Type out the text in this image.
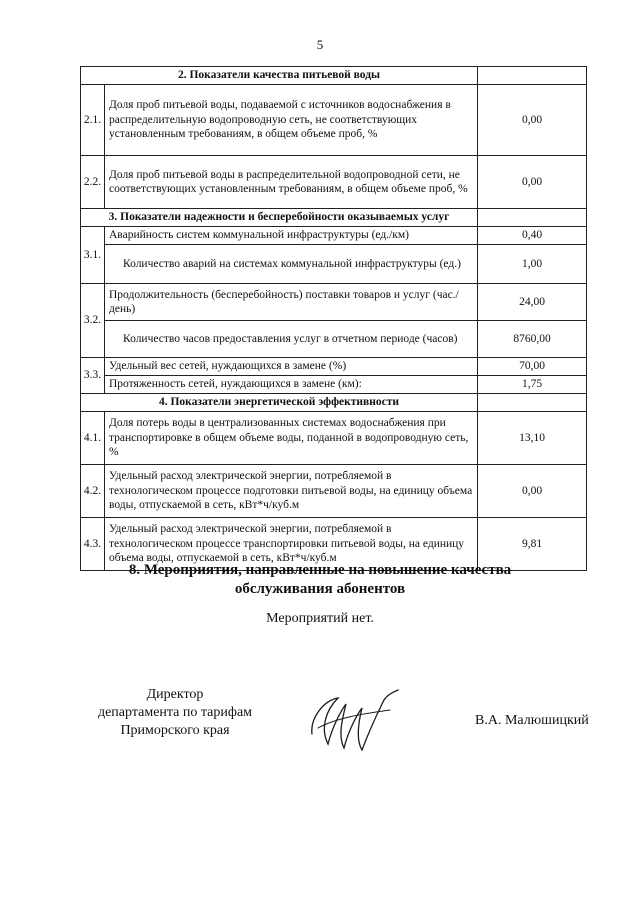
5
2. Показатели качества питьевой воды		
2.1.	Доля проб питьевой воды, подаваемой с источников водоснабжения в распределительную водопроводную сеть, не соответствующих установленным требованиям, в общем объеме проб, %	0,00
2.2.	Доля проб питьевой воды в распределительной водопроводной сети, не соответствующих установленным требованиям, в общем объеме проб, %	0,00
3. Показатели надежности и бесперебойности оказываемых услуг		
3.1.	Аварийность систем коммунальной инфраструктуры (ед./км)	0,40
	Количество аварий на системах коммунальной инфраструктуры (ед.)	1,00
3.2.	Продолжительность (бесперебойность) поставки товаров и услуг (час./день)	24,00
	Количество часов предоставления услуг в отчетном периоде (часов)	8760,00
3.3.	Удельный вес сетей, нуждающихся в замене (%)	70,00
	Протяженность сетей, нуждающихся в замене (км):	1,75
4. Показатели энергетической эффективности		
4.1.	Доля потерь воды в централизованных системах водоснабжения при транспортировке в общем объеме воды, поданной в водопроводную сеть, %	13,10
4.2.	Удельный расход электрической энергии, потребляемой в технологическом процессе подготовки питьевой воды, на единицу объема воды, отпускаемой в сеть, кВт*ч/куб.м	0,00
4.3.	Удельный расход электрической энергии, потребляемой в технологическом процессе транспортировки питьевой воды, на единицу объема воды, отпускаемой в сеть, кВт*ч/куб.м	9,81
8. Мероприятия, направленные на повышение качества
обслуживания абонентов
Мероприятий нет.
Директор
департамента по тарифам
Приморского края
В.А. Малюшицкий
